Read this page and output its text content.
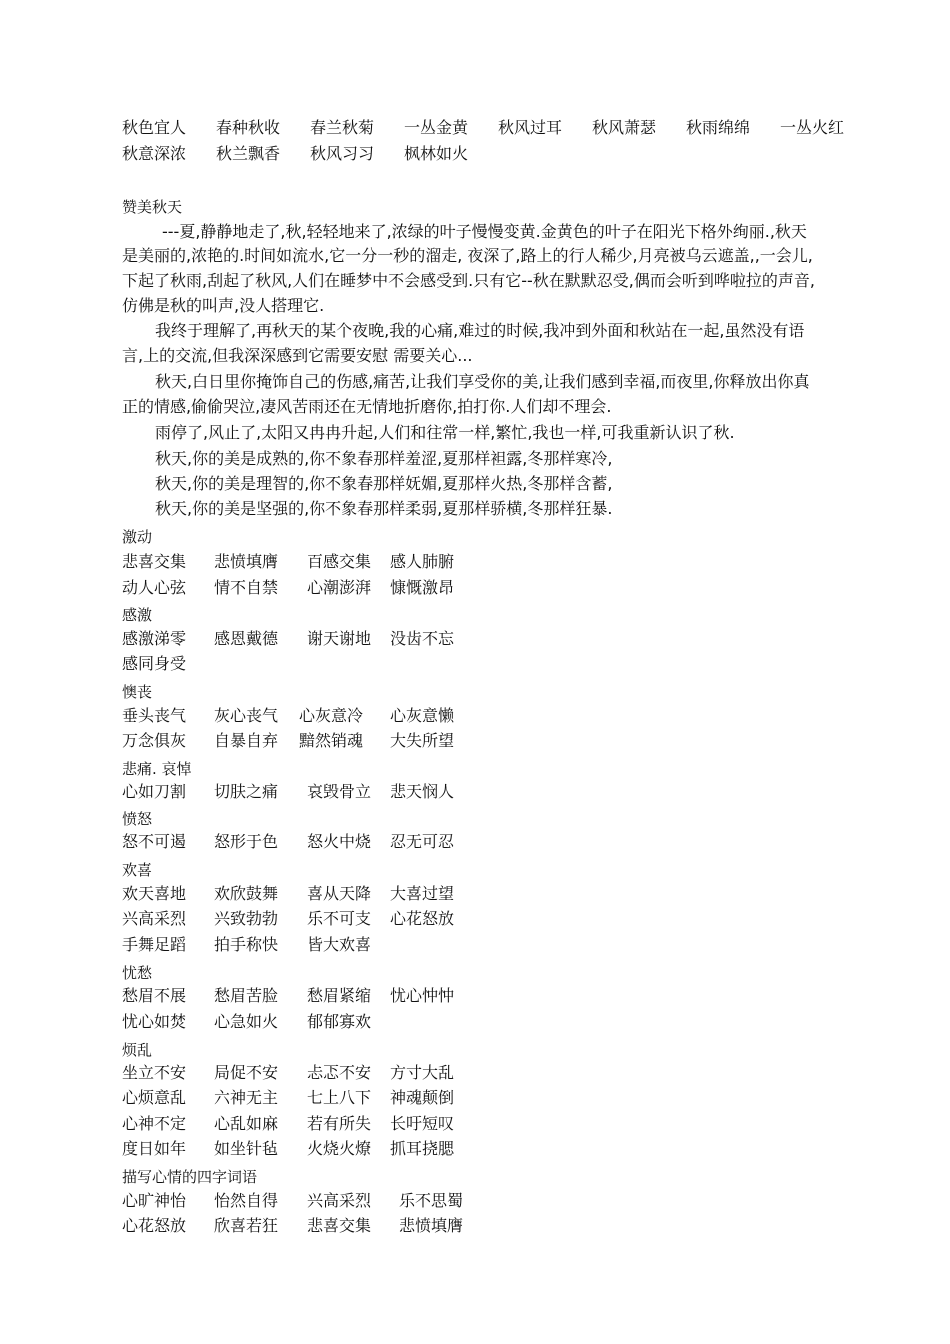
秋色宜人 春种秋收 春兰秋菊 一丛金黄 秋风过耳 秋风萧瑟 秋雨绵绵 一丛火红
秋意深浓 秋兰飘香 秋风习习 枫林如火
赞美秋天
---夏,静静地走了,秋,轻轻地来了,浓绿的叶子慢慢变黄.金黄色的叶子在阳光下格外绚丽.,秋天
是美丽的,浓艳的.时间如流水,它一分一秒的溜走, 夜深了,路上的行人稀少,月亮被乌云遮盖,,一会儿,
下起了秋雨,刮起了秋风,人们在睡梦中不会感受到.只有它--秋在默默忍受,偶而会听到哗啦拉的声音,
仿佛是秋的叫声,没人搭理它.
我终于理解了,再秋天的某个夜晚,我的心痛,难过的时候,我冲到外面和秋站在一起,虽然没有语
言,上的交流,但我深深感到它需要安慰 需要关心...
秋天,白日里你掩饰自己的伤感,痛苦,让我们享受你的美,让我们感到幸福,而夜里,你释放出你真
正的情感,偷偷哭泣,凄风苦雨还在无情地折磨你,拍打你.人们却不理会.
雨停了,风止了,太阳又冉冉升起,人们和往常一样,繁忙,我也一样,可我重新认识了秋.
秋天,你的美是成熟的,你不象春那样羞涩,夏那样袒露,冬那样寒冷,
秋天,你的美是理智的,你不象春那样妩媚,夏那样火热,冬那样含蓄,
秋天,你的美是坚强的,你不象春那样柔弱,夏那样骄横,冬那样狂暴.
激动
悲喜交集 悲愤填膺 百感交集 感人肺腑
动人心弦 情不自禁 心潮澎湃 慷慨激昂
感激
感激涕零 感恩戴德 谢天谢地 没齿不忘
感同身受
懊丧
垂头丧气 灰心丧气 心灰意冷 心灰意懒
万念俱灰 自暴自弃 黯然销魂 大失所望
悲痛. 哀悼
心如刀割 切肤之痛 哀毁骨立 悲天悯人
愤怒
怒不可遏 怒形于色 怒火中烧 忍无可忍
欢喜
欢天喜地 欢欣鼓舞 喜从天降 大喜过望
兴高采烈 兴致勃勃 乐不可支 心花怒放
手舞足蹈 拍手称快 皆大欢喜
忧愁
愁眉不展 愁眉苦脸 愁眉紧缩 忧心忡忡
忧心如焚 心急如火 郁郁寡欢
烦乱
坐立不安 局促不安 忐忑不安 方寸大乱
心烦意乱 六神无主 七上八下 神魂颠倒
心神不定 心乱如麻 若有所失 长吁短叹
度日如年 如坐针毡 火烧火燎 抓耳挠腮
描写心情的四字词语
心旷神怡 怡然自得 兴高采烈 乐不思蜀
心花怒放 欣喜若狂 悲喜交集 悲愤填膺
